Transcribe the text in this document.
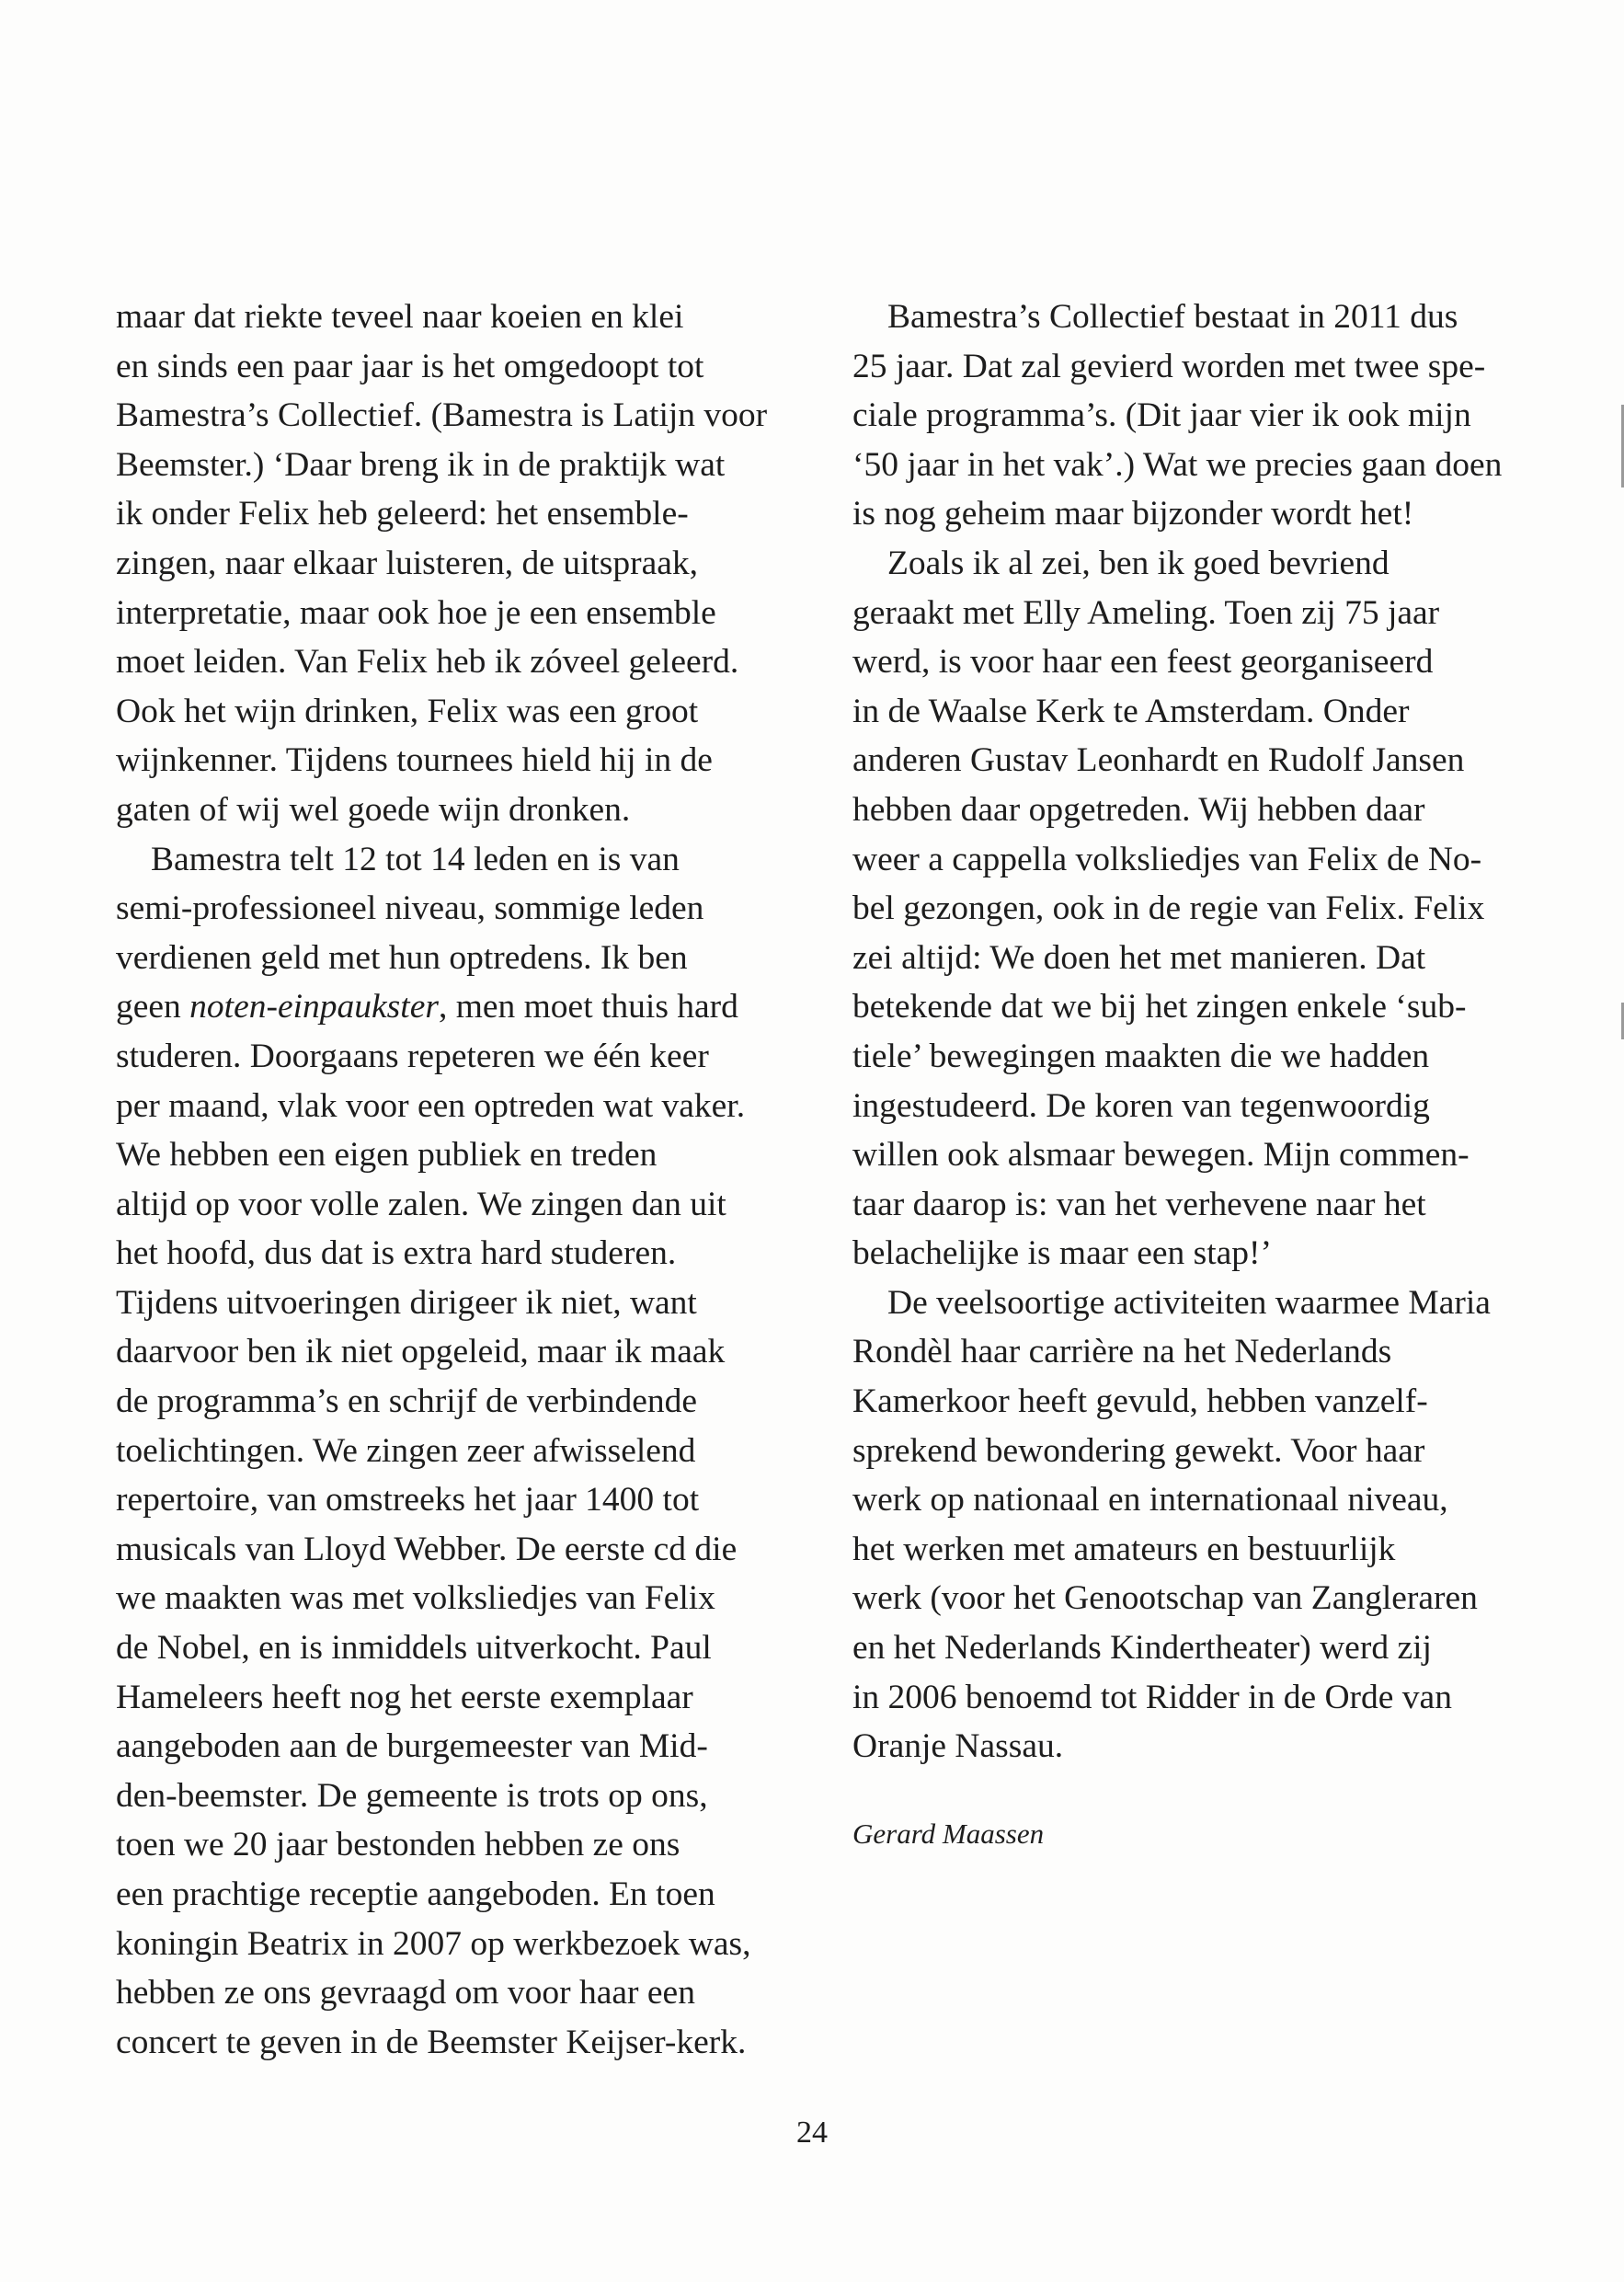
maar dat riekte teveel naar koeien en klei
en sinds een paar jaar is het omgedoopt tot
Bamestra’s Collectief. (Bamestra is Latijn voor
Beemster.) ‘Daar breng ik in de praktijk wat
ik onder Felix heb geleerd: het ensemble-
zingen, naar elkaar luisteren, de uitspraak,
interpretatie, maar ook hoe je een ensemble
moet leiden. Van Felix heb ik zóveel geleerd.
Ook het wijn drinken, Felix was een groot
wijnkenner. Tijdens tournees hield hij in de
gaten of wij wel goede wijn dronken.
Bamestra telt 12 tot 14 leden en is van
semi-professioneel niveau, sommige leden
verdienen geld met hun optredens. Ik ben
geen noten-einpaukster, men moet thuis hard
studeren. Doorgaans repeteren we één keer
per maand, vlak voor een optreden wat vaker.
We hebben een eigen publiek en treden
altijd op voor volle zalen. We zingen dan uit
het hoofd, dus dat is extra hard studeren.
Tijdens uitvoeringen dirigeer ik niet, want
daarvoor ben ik niet opgeleid, maar ik maak
de programma’s en schrijf de verbindende
toelichtingen. We zingen zeer afwisselend
repertoire, van omstreeks het jaar 1400 tot
musicals van Lloyd Webber. De eerste cd die
we maakten was met volksliedjes van Felix
de Nobel, en is inmiddels uitverkocht. Paul
Hameleers heeft nog het eerste exemplaar
aangeboden aan de burgemeester van Mid-
den-beemster. De gemeente is trots op ons,
toen we 20 jaar bestonden hebben ze ons
een prachtige receptie aangeboden. En toen
koningin Beatrix in 2007 op werkbezoek was,
hebben ze ons gevraagd om voor haar een
concert te geven in de Beemster Keijser-kerk.
Bamestra’s Collectief bestaat in 2011 dus
25 jaar. Dat zal gevierd worden met twee spe-
ciale programma’s. (Dit jaar vier ik ook mijn
‘50 jaar in het vak’.) Wat we precies gaan doen
is nog geheim maar bijzonder wordt het!
Zoals ik al zei, ben ik goed bevriend
geraakt met Elly Ameling. Toen zij 75 jaar
werd, is voor haar een feest georganiseerd
in de Waalse Kerk te Amsterdam. Onder
anderen Gustav Leonhardt en Rudolf Jansen
hebben daar opgetreden. Wij hebben daar
weer a cappella volksliedjes van Felix de No-
bel gezongen, ook in de regie van Felix. Felix
zei altijd: We doen het met manieren. Dat
betekende dat we bij het zingen enkele ‘sub-
tiele’ bewegingen maakten die we hadden
ingestudeerd. De koren van tegenwoordig
willen ook alsmaar bewegen. Mijn commen-
taar daarop is: van het verhevene naar het
belachelijke is maar een stap!’
De veelsoortige activiteiten waarmee Maria
Rondèl haar carrière na het Nederlands
Kamerkoor heeft gevuld, hebben vanzelf-
sprekend bewondering gewekt. Voor haar
werk op nationaal en internationaal niveau,
het werken met amateurs en bestuurlijk
werk (voor het Genootschap van Zangleraren
en het Nederlands Kindertheater) werd zij
in 2006 benoemd tot Ridder in de Orde van
Oranje Nassau.
Gerard Maassen
24
